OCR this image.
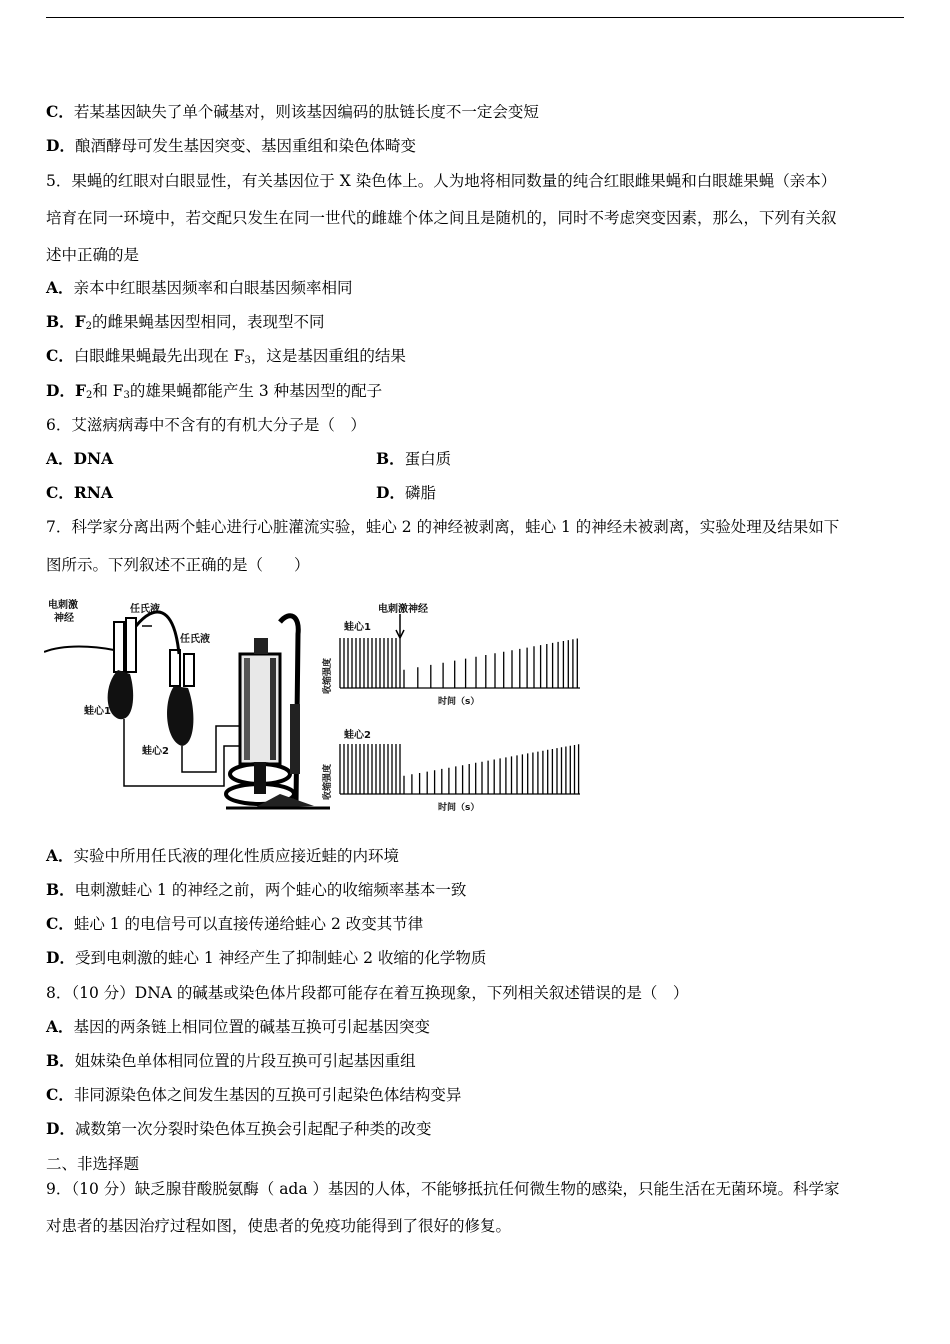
C．若某基因缺失了单个碱基对，则该基因编码的肽链长度不一定会变短
D．酿酒酵母可发生基因突变、基因重组和染色体畸变
5．果蝇的红眼对白眼显性，有关基因位于 X 染色体上。人为地将相同数量的纯合红眼雌果蝇和白眼雄果蝇（亲本）
培育在同一环境中，若交配只发生在同一世代的雌雄个体之间且是随机的，同时不考虑突变因素，那么，下列有关叙
述中正确的是
A．亲本中红眼基因频率和白眼基因频率相同
B．$F_2$的雌果蝇基因型相同，表现型不同
C．白眼雌果蝇最先出现在 $F_3$，这是基因重组的结果
D．$F_2$和 $F_3$的雄果蝇都能产生 3 种基因型的配子
6．艾滋病病毒中不含有的有机大分子是（　）
A．DNA	B．蛋白质
C．RNA	D．磷脂
7．科学家分离出两个蛙心进行心脏灌流实验，蛙心 2 的神经被剥离，蛙心 1 的神经未被剥离，实验处理及结果如下
图所示。下列叙述不正确的是（　　）
电刺激
神经
任氏液
任氏液
蛙心1
蛙心2
电刺激神经
蛙心1
收缩强度
时间（s）
蛙心2
收缩强度
时间（s）
A．实验中所用任氏液的理化性质应接近蛙的内环境
B．电刺激蛙心 1 的神经之前，两个蛙心的收缩频率基本一致
C．蛙心 1 的电信号可以直接传递给蛙心 2 改变其节律
D．受到电刺激的蛙心 1 神经产生了抑制蛙心 2 收缩的化学物质
8．（10 分）DNA 的碱基或染色体片段都可能存在着互换现象，下列相关叙述错误的是（　）
A．基因的两条链上相同位置的碱基互换可引起基因突变
B．姐妹染色单体相同位置的片段互换可引起基因重组
C．非同源染色体之间发生基因的互换可引起染色体结构变异
D．减数第一次分裂时染色体互换会引起配子种类的改变
二、非选择题
9．（10 分）缺乏腺苷酸脱氨酶（ ada ）基因的人体，不能够抵抗任何微生物的感染，只能生活在无菌环境。科学家
对患者的基因治疗过程如图，使患者的免疫功能得到了很好的修复。
